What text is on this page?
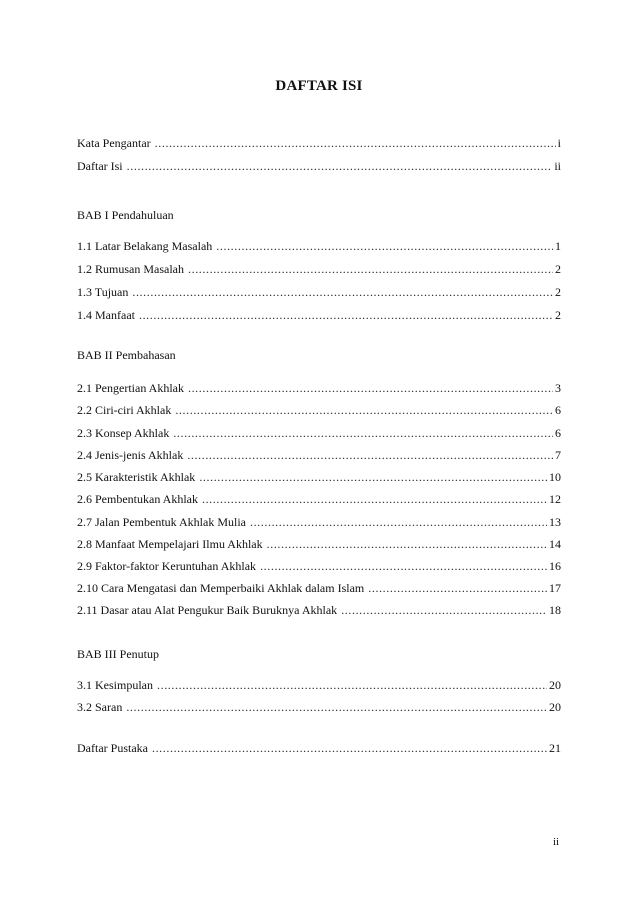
DAFTAR ISI
Kata Pengantar .....	i
Daftar Isi .....	ii
BAB I Pendahuluan
1.1 Latar Belakang Masalah .....	1
1.2 Rumusan Masalah .....	2
1.3 Tujuan .....	2
1.4 Manfaat .....	2
BAB II Pembahasan
2.1 Pengertian Akhlak .....	3
2.2 Ciri-ciri Akhlak .....	6
2.3 Konsep Akhlak .....	6
2.4 Jenis-jenis Akhlak .....	7
2.5 Karakteristik Akhlak .....	10
2.6 Pembentukan Akhlak .....	12
2.7 Jalan Pembentuk Akhlak Mulia .....	13
2.8 Manfaat Mempelajari Ilmu Akhlak .....	14
2.9 Faktor-faktor Keruntuhan Akhlak .....	16
2.10 Cara Mengatasi dan Memperbaiki Akhlak dalam Islam .....	17
2.11 Dasar atau Alat Pengukur Baik Buruknya Akhlak .....	18
BAB III Penutup
3.1 Kesimpulan .....	20
3.2 Saran .....	20
Daftar Pustaka .....	21
ii
